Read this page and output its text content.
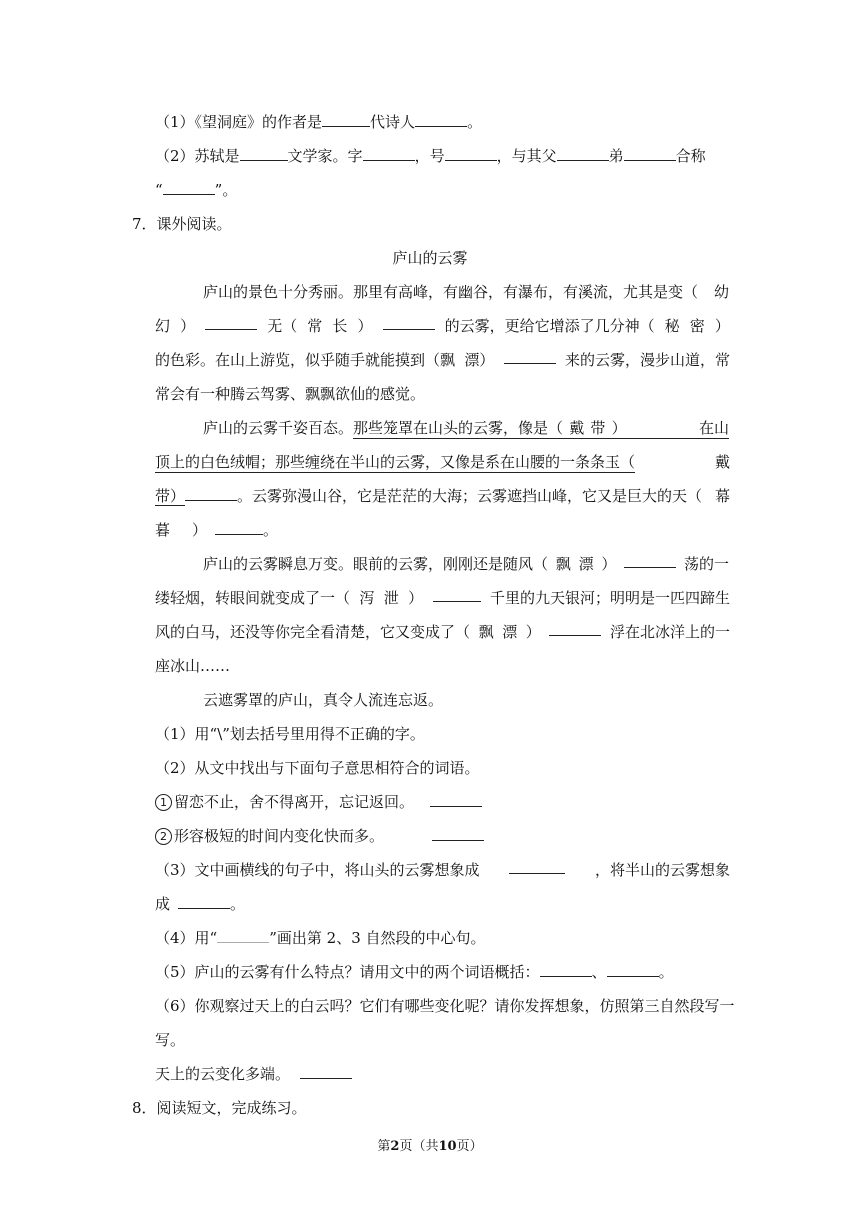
（1）《望洞庭》的作者是	代诗人	。
（2）苏轼是	文学家。字	，号	，与其父	弟	合称
“	”。
7．课外阅读。
庐山的云雾
庐山的景色十分秀丽。那里有高峰，有幽谷，有瀑布，有溪流，尤其是变（ 幼
幻 ）	无（ 常 长 ）	的云雾，更给它增添了几分神（ 秘 密 ）
的色彩。在山上游览，似乎随手就能摸到（飘 漂）	来的云雾，漫步山道，常
常会有一种腾云驾雾、飘飘欲仙的感觉。
庐山的云雾千姿百态。 那些笼罩在山头的云雾，像是（ 戴 带 ）	在山
顶上的白色绒帽；那些缠绕在半山的云雾，又像是系在山腰的一条条玉（	戴
带）	。云雾弥漫山谷，它是茫茫的大海；云雾遮挡山峰，它又是巨大的天（ 幕
暮 ）	。
庐山的云雾瞬息万变。眼前的云雾，刚刚还是随风（ 飘 漂 ）	荡的一
缕轻烟，转眼间就变成了一（ 泻 泄 ）	千里的九天银河；明明是一匹四蹄生
风的白马，还没等你完全看清楚，它又变成了（ 飘 漂 ）	浮在北冰洋上的一
座冰山……
云遮雾罩的庐山，真令人流连忘返。
（1）用“\”划去括号里用得不正确的字。
（2）从文中找出与下面句子意思相符合的词语。
1 留恋不止，舍不得离开，忘记返回。
2 形容极短的时间内变化快而多。
（3）文中画横线的句子中，将山头的云雾想象成	，将半山的云雾想象
成	。
（4）用“	”画出第 2、3 自然段的中心句。
（5）庐山的云雾有什么特点？请用文中的两个词语概括：	、	。
（6）你观察过天上的白云吗？它们有哪些变化呢？请你发挥想象，仿照第三自然段写一
写。
天上的云变化多端。
8．阅读短文，完成练习。
第2页（共10页）
